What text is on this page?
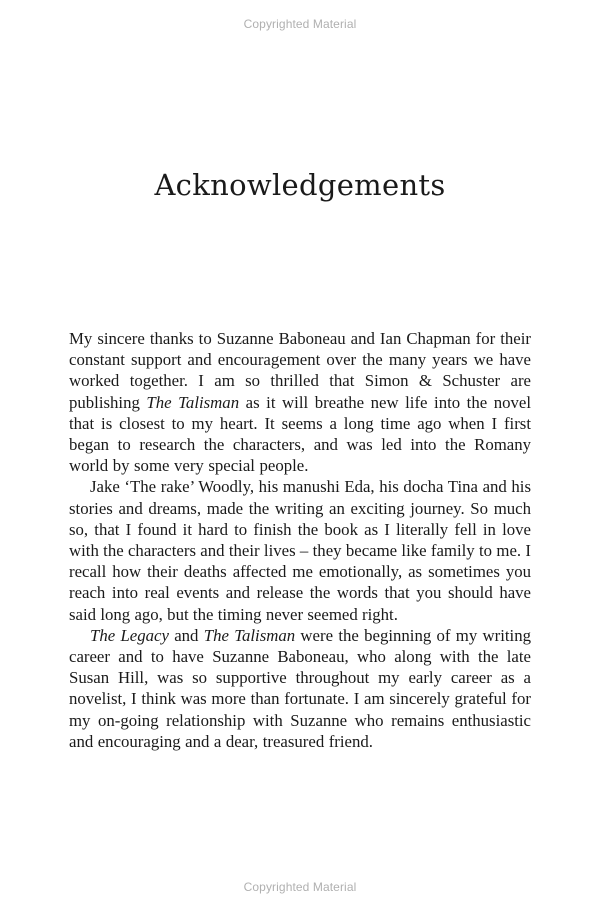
Copyrighted Material
Acknowledgements

My sincere thanks to Suzanne Baboneau and Ian Chapman for their constant support and encouragement over the many years we have worked together. I am so thrilled that Simon & Schuster are publishing The Talisman as it will breathe new life into the novel that is closest to my heart. It seems a long time ago when I first began to research the characters, and was led into the Romany world by some very special people.

Jake ‘The rake’ Woodly, his manushi Eda, his docha Tina and his stories and dreams, made the writing an exciting journey. So much so, that I found it hard to finish the book as I literally fell in love with the characters and their lives – they became like family to me. I recall how their deaths affected me emotionally, as sometimes you reach into real events and release the words that you should have said long ago, but the timing never seemed right.

The Legacy and The Talisman were the beginning of my writing career and to have Suzanne Baboneau, who along with the late Susan Hill, was so supportive throughout my early career as a novelist, I think was more than fortunate. I am sincerely grateful for my on-going relationship with Suzanne who remains enthusiastic and encouraging and a dear, treasured friend.

Copyrighted Material
